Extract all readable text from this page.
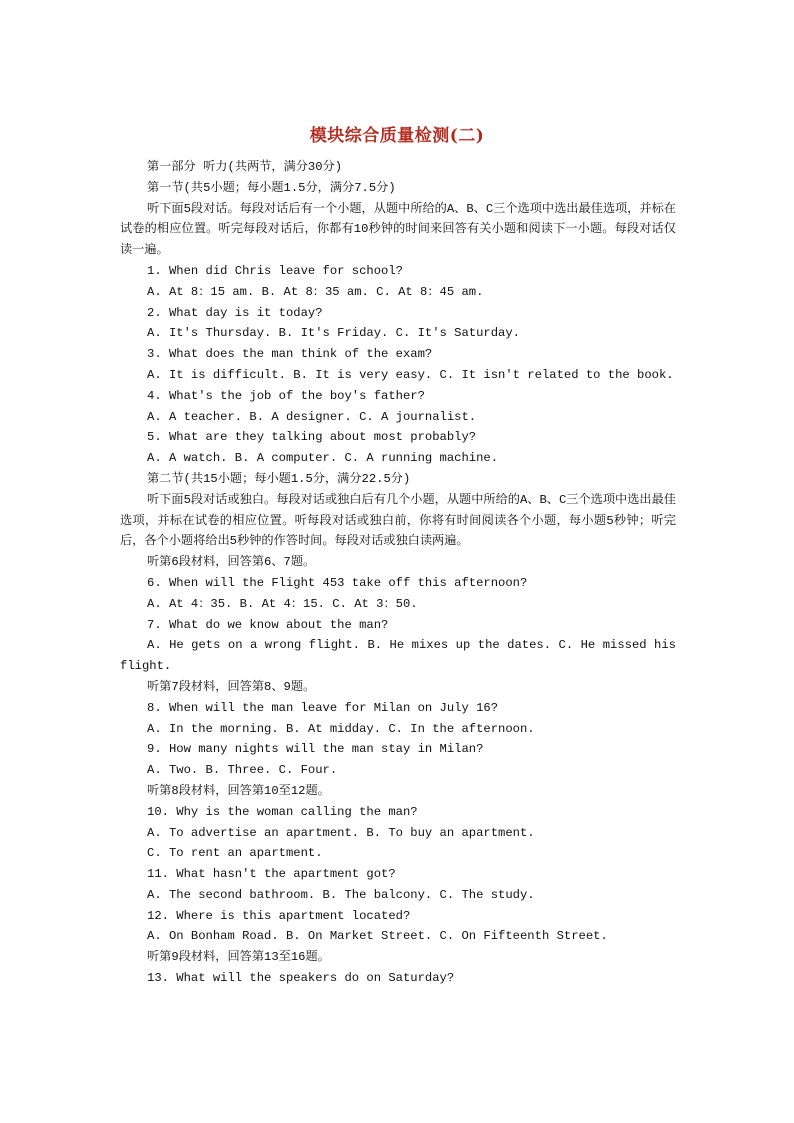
模块综合质量检测(二)

第一部分 听力(共两节，满分30分)

第一节(共5小题；每小题1.5分，满分7.5分)

听下面5段对话。每段对话后有一个小题，从题中所给的A、B、C三个选项中选出最佳选项，并标在试卷的相应位置。听完每段对话后，你都有10秒钟的时间来回答有关小题和阅读下一小题。每段对话仅读一遍。

1. When did Chris leave for school?

A. At 8：15 am. B. At 8：35 am. C. At 8：45 am.

2. What day is it today?

A. It's Thursday. B. It's Friday. C. It's Saturday.

3. What does the man think of the exam?

A. It is difficult. B. It is very easy. C. It isn't related to the book.

4. What's the job of the boy's father?

A. A teacher. B. A designer. C. A journalist.

5. What are they talking about most probably?

A. A watch. B. A computer. C. A running machine.

第二节(共15小题；每小题1.5分，满分22.5分)

听下面5段对话或独白。每段对话或独白后有几个小题，从题中所给的A、B、C三个选项中选出最佳选项，并标在试卷的相应位置。听每段对话或独白前，你将有时间阅读各个小题，每小题5秒钟；听完后，各个小题将给出5秒钟的作答时间。每段对话或独白读两遍。

听第6段材料，回答第6、7题。

6. When will the Flight 453 take off this afternoon?

A. At 4：35. B. At 4：15. C. At 3：50.

7. What do we know about the man?

A. He gets on a wrong flight. B. He mixes up the dates. C. He missed his flight.

听第7段材料，回答第8、9题。

8. When will the man leave for Milan on July 16?

A. In the morning. B. At midday. C. In the afternoon.

9. How many nights will the man stay in Milan?

A. Two. B. Three. C. Four.

听第8段材料，回答第10至12题。

10. Why is the woman calling the man?

A. To advertise an apartment. B. To buy an apartment.

C. To rent an apartment.

11. What hasn't the apartment got?

A. The second bathroom. B. The balcony. C. The study.

12. Where is this apartment located?

A. On Bonham Road. B. On Market Street. C. On Fifteenth Street.

听第9段材料，回答第13至16题。

13. What will the speakers do on Saturday?
